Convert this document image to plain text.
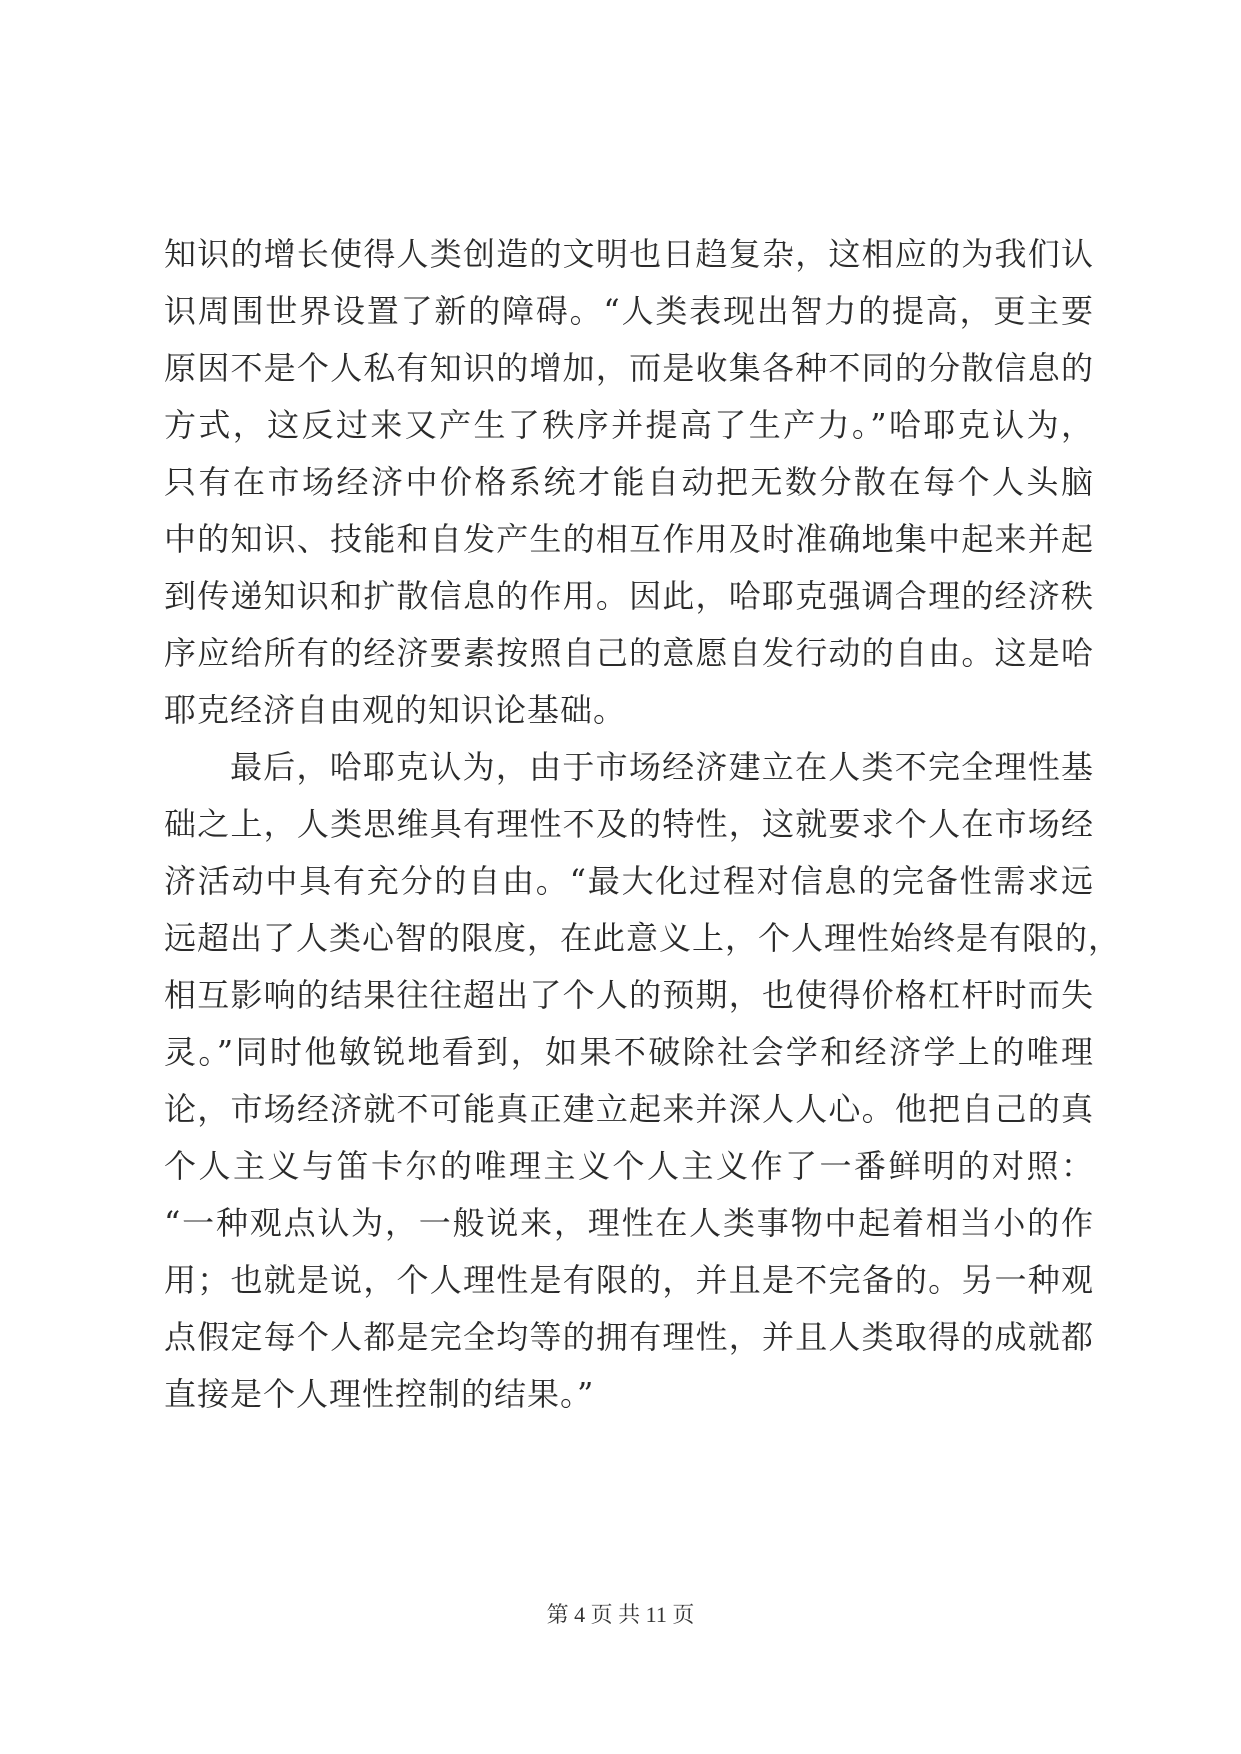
知识的增长使得人类创造的文明也日趋复杂，这相应的为我们认
识周围世界设置了新的障碍。“人类表现出智力的提高，更主要
原因不是个人私有知识的增加，而是收集各种不同的分散信息的
方式，这反过来又产生了秩序并提高了生产力。”哈耶克认为，
只有在市场经济中价格系统才能自动把无数分散在每个人头脑
中的知识、技能和自发产生的相互作用及时准确地集中起来并起
到传递知识和扩散信息的作用。因此，哈耶克强调合理的经济秩
序应给所有的经济要素按照自己的意愿自发行动的自由。这是哈
耶克经济自由观的知识论基础。
最后，哈耶克认为，由于市场经济建立在人类不完全理性基
础之上，人类思维具有理性不及的特性，这就要求个人在市场经
济活动中具有充分的自由。“最大化过程对信息的完备性需求远
远超出了人类心智的限度，在此意义上，个人理性始终是有限的，
相互影响的结果往往超出了个人的预期，也使得价格杠杆时而失
灵。”同时他敏锐地看到，如果不破除社会学和经济学上的唯理
论，市场经济就不可能真正建立起来并深人人心。他把自己的真
个人主义与笛卡尔的唯理主义个人主义作了一番鲜明的对照：
“一种观点认为，一般说来，理性在人类事物中起着相当小的作
用；也就是说，个人理性是有限的，并且是不完备的。另一种观
点假定每个人都是完全均等的拥有理性，并且人类取得的成就都
直接是个人理性控制的结果。”
第 4 页 共 11 页
